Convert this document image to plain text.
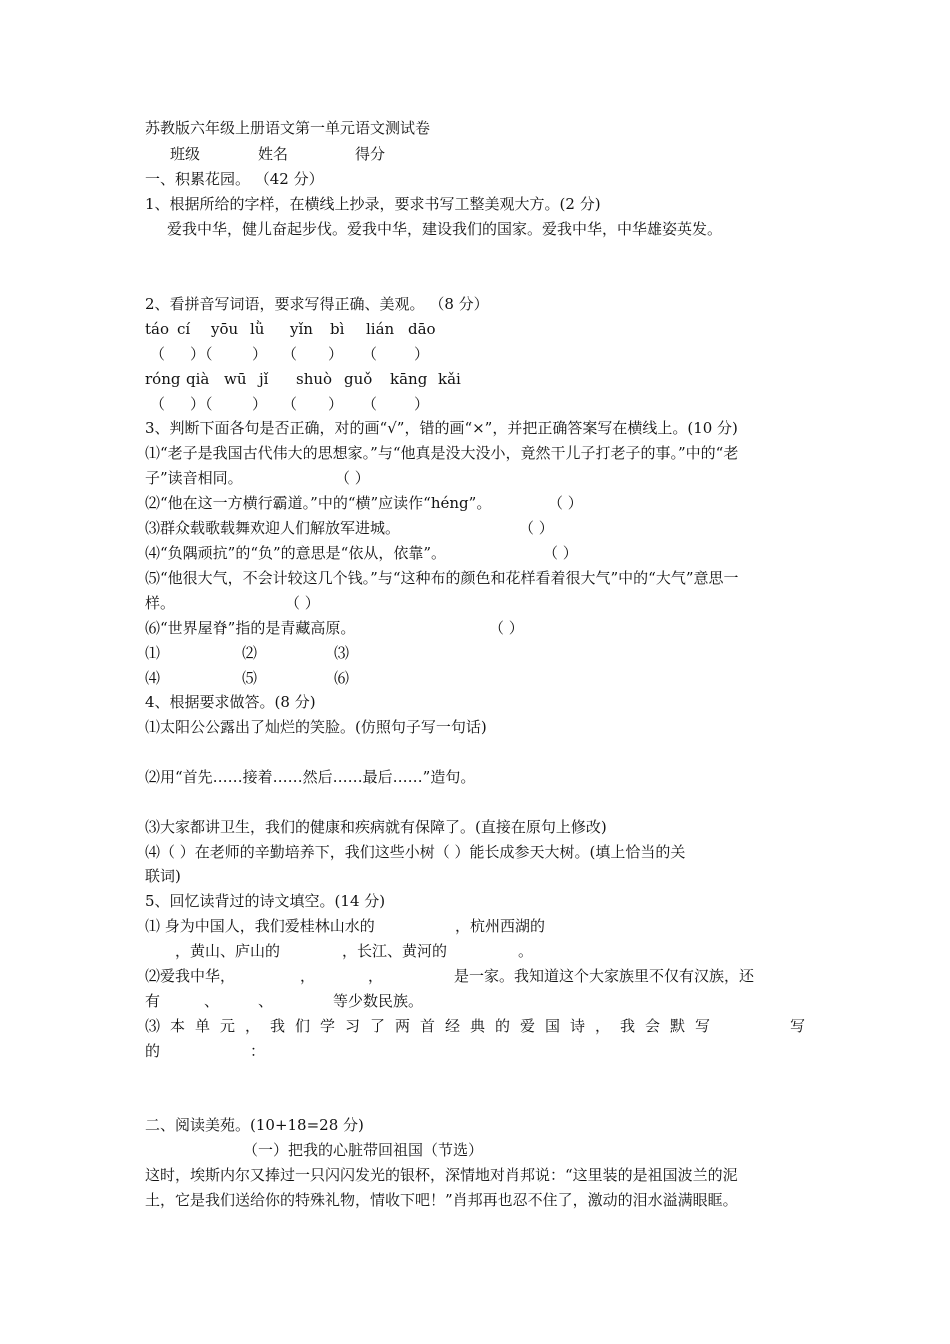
苏教版六年级上册语文第一单元语文测试卷
班级	姓名	得分
一、积累花园。 （42 分）
1、根据所给的字样，在横线上抄录，要求书写工整美观大方。(2 分)
爱我中华，健儿奋起步伐。爱我中华，建设我们的国家。爱我中华，中华雄姿英发。
2、看拼音写词语，要求写得正确、美观。 （8 分）
táo cí yōu lǜ yǐn bì lián dāo
（ ）（	） （ ） （ ）
róng qià wū jǐ shuò guǒ kāng kǎi
（ ）（	） （ ） （ ）
3、判断下面各句是否正确，对的画“√”，错的画“×”，并把正确答案写在横线上。(10 分)
⑴“老子是我国古代伟大的思想家。”与“他真是没大没小，竟然干儿子打老子的事。”中的“老
子”读音相同。	（ ）
⑵“他在这一方横行霸道。”中的“横”应读作“héng”。	（ ）
⑶群众载歌载舞欢迎人们解放军进城。	（ ）
⑷“负隅顽抗”的“负”的意思是“依从，依靠”。	（ ）
⑸“他很大气，不会计较这几个钱。”与“这种布的颜色和花样看着很大气”中的“大气”意思一
样。	（ ）
⑹“世界屋脊”指的是青藏高原。	（ ）
⑴	⑵	⑶
⑷	⑸	⑹
4、根据要求做答。(8 分)
⑴太阳公公露出了灿烂的笑脸。(仿照句子写一句话)
⑵用“首先……接着……然后……最后……”造句。
⑶大家都讲卫生，我们的健康和疾病就有保障了。(直接在原句上修改)
⑷（ ）在老师的辛勤培养下，我们这些小树（ ）能长成参天大树。(填上恰当的关
联词)
5、回忆读背过的诗文填空。(14 分)
⑴ 身为中国人，我们爱桂林山水的	，杭州西湖的
，黄山、庐山的	，长江、黄河的	。
⑵爱我中华，	，	，	是一家。我知道这个大家族里不仅有汉族，还
有	、	、	等少数民族。
⑶ 本 单 元 ， 我 们 学 习 了 两 首 经 典 的 爱 国 诗 ， 我 会 默 写	写
的	：
二、阅读美苑。(10+18=28 分)
（一）把我的心脏带回祖国（节选）
这时，埃斯内尔又捧过一只闪闪发光的银杯，深情地对肖邦说：“这里装的是祖国波兰的泥
土，它是我们送给你的特殊礼物，情收下吧！”肖邦再也忍不住了，激动的泪水溢满眼眶。
